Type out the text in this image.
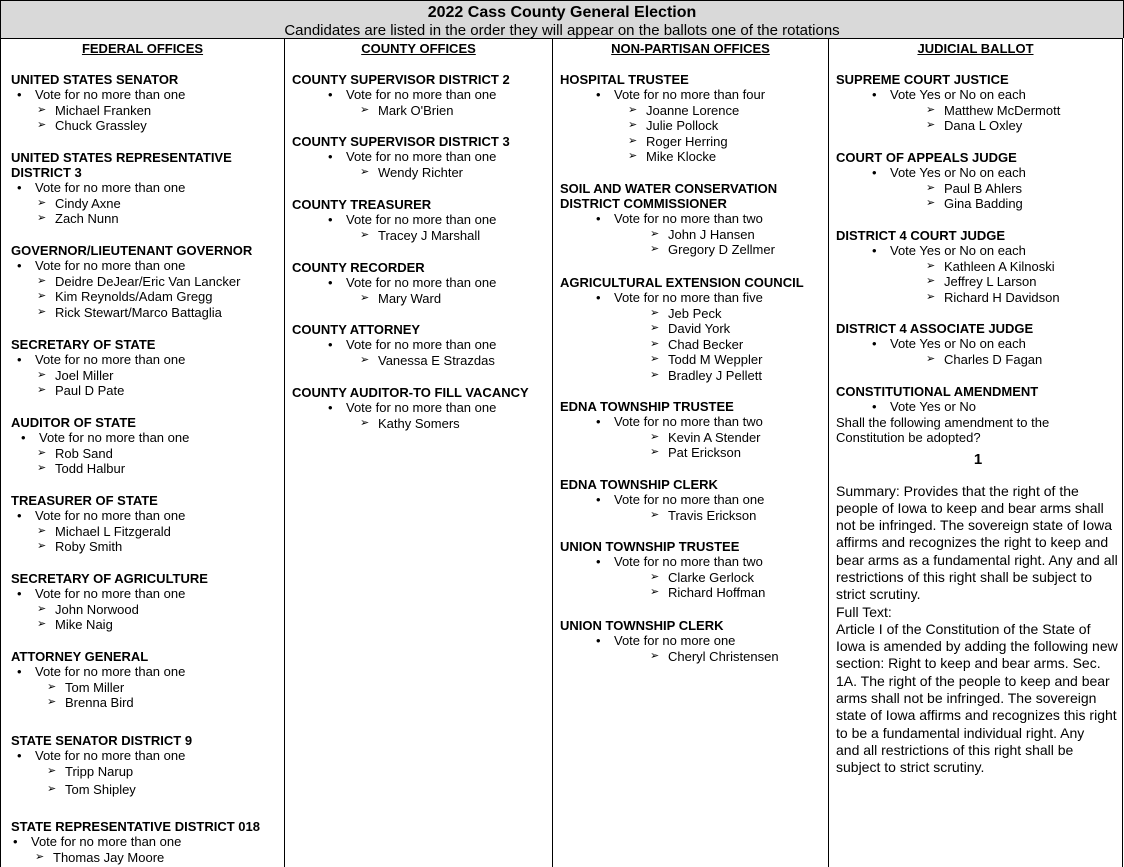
2022 Cass County General Election
Candidates are listed in the order they will appear on the ballots one of the rotations
FEDERAL OFFICES
UNITED STATES SENATOR
• Vote for no more than one
➢ Michael Franken
➢ Chuck Grassley
UNITED STATES REPRESENTATIVE DISTRICT 3
• Vote for no more than one
➢ Cindy Axne
➢ Zach Nunn
GOVERNOR/LIEUTENANT GOVERNOR
• Vote for no more than one
➢ Deidre DeJear/Eric Van Lancker
➢ Kim Reynolds/Adam Gregg
➢ Rick Stewart/Marco Battaglia
SECRETARY OF STATE
• Vote for no more than one
➢ Joel Miller
➢ Paul D Pate
AUDITOR OF STATE
• Vote for no more than one
➢ Rob Sand
➢ Todd Halbur
TREASURER OF STATE
• Vote for no more than one
➢ Michael L Fitzgerald
➢ Roby Smith
SECRETARY OF AGRICULTURE
• Vote for no more than one
➢ John Norwood
➢ Mike Naig
ATTORNEY GENERAL
• Vote for no more than one
➢ Tom Miller
➢ Brenna Bird
STATE SENATOR DISTRICT 9
• Vote for no more than one
➢ Tripp Narup
➢ Tom Shipley
STATE REPRESENTATIVE DISTRICT 018
• Vote for no more than one
➢ Thomas Jay Moore
COUNTY OFFICES
COUNTY SUPERVISOR DISTRICT 2
• Vote for no more than one
➢ Mark O'Brien
COUNTY SUPERVISOR DISTRICT 3
• Vote for no more than one
➢ Wendy Richter
COUNTY TREASURER
• Vote for no more than one
➢ Tracey J Marshall
COUNTY RECORDER
• Vote for no more than one
➢ Mary Ward
COUNTY ATTORNEY
• Vote for no more than one
➢ Vanessa E Strazdas
COUNTY AUDITOR-TO FILL VACANCY
• Vote for no more than one
➢ Kathy Somers
NON-PARTISAN OFFICES
HOSPITAL TRUSTEE
• Vote for no more than four
➢ Joanne Lorence
➢ Julie Pollock
➢ Roger Herring
➢ Mike Klocke
SOIL AND WATER CONSERVATION DISTRICT COMMISSIONER
• Vote for no more than two
➢ John J Hansen
➢ Gregory D Zellmer
AGRICULTURAL EXTENSION COUNCIL
• Vote for no more than five
➢ Jeb Peck
➢ David York
➢ Chad Becker
➢ Todd M Weppler
➢ Bradley J Pellett
EDNA TOWNSHIP TRUSTEE
• Vote for no more than two
➢ Kevin A Stender
➢ Pat Erickson
EDNA TOWNSHIP CLERK
• Vote for no more than one
➢ Travis Erickson
UNION TOWNSHIP TRUSTEE
• Vote for no more than two
➢ Clarke Gerlock
➢ Richard Hoffman
UNION TOWNSHIP CLERK
• Vote for no more one
➢ Cheryl Christensen
JUDICIAL BALLOT
SUPREME COURT JUSTICE
• Vote Yes or No on each
➢ Matthew McDermott
➢ Dana L Oxley
COURT OF APPEALS JUDGE
• Vote Yes or No on each
➢ Paul B Ahlers
➢ Gina Badding
DISTRICT 4 COURT JUDGE
• Vote Yes or No on each
➢ Kathleen A Kilnoski
➢ Jeffrey L Larson
➢ Richard H Davidson
DISTRICT 4 ASSOCIATE JUDGE
• Vote Yes or No on each
➢ Charles D Fagan
CONSTITUTIONAL AMENDMENT
• Vote Yes or No
Shall the following amendment to the Constitution be adopted?
1
Summary: Provides that the right of the people of Iowa to keep and bear arms shall not be infringed. The sovereign state of Iowa affirms and recognizes the right to keep and bear arms as a fundamental right. Any and all restrictions of this right shall be subject to strict scrutiny.
Full Text:
Article I of the Constitution of the State of Iowa is amended by adding the following new section: Right to keep and bear arms. Sec. 1A. The right of the people to keep and bear arms shall not be infringed. The sovereign state of Iowa affirms and recognizes this right to be a fundamental individual right. Any
and all restrictions of this right shall be subject to strict scrutiny.
